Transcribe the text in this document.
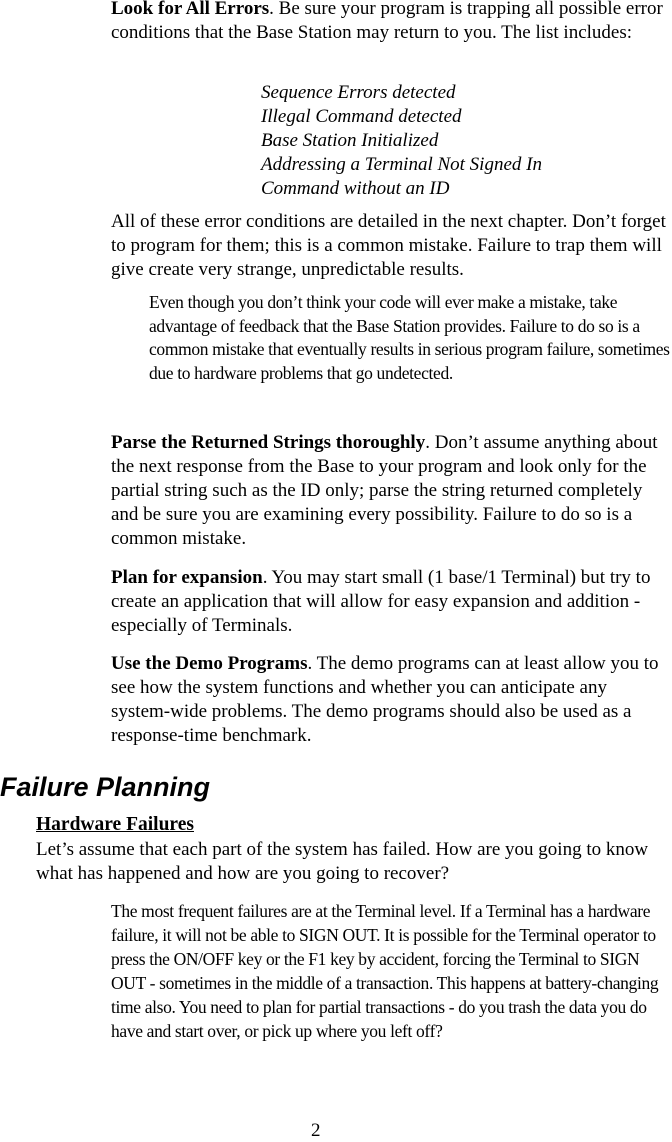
Look for All Errors. Be sure your program is trapping all possible error conditions that the Base Station may return to you. The list includes:

Sequence Errors detected
Illegal Command detected
Base Station Initialized
Addressing a Terminal Not Signed In
Command without an ID

All of these error conditions are detailed in the next chapter. Don’t forget to program for them; this is a common mistake. Failure to trap them will give create very strange, unpredictable results.

Even though you don’t think your code will ever make a mistake, take advantage of feedback that the Base Station provides. Failure to do so is a common mistake that eventually results in serious program failure, sometimes due to hardware problems that go undetected.

Parse the Returned Strings thoroughly. Don’t assume anything about the next response from the Base to your program and look only for the partial string such as the ID only; parse the string returned completely and be sure you are examining every possibility. Failure to do so is a common mistake.

Plan for expansion. You may start small (1 base/1 Terminal) but try to create an application that will allow for easy expansion and addition - especially of Terminals.

Use the Demo Programs. The demo programs can at least allow you to see how the system functions and whether you can anticipate any system-wide problems. The demo programs should also be used as a response-time benchmark.

Failure Planning
Hardware Failures

Let’s assume that each part of the system has failed. How are you going to know what has happened and how are you going to recover?

The most frequent failures are at the Terminal level. If a Terminal has a hardware failure, it will not be able to SIGN OUT. It is possible for the Terminal operator to press the ON/OFF key or the F1 key by accident, forcing the Terminal to SIGN OUT - sometimes in the middle of a transaction. This happens at battery-changing time also. You need to plan for partial transactions - do you trash the data you do have and start over, or pick up where you left off?

2
